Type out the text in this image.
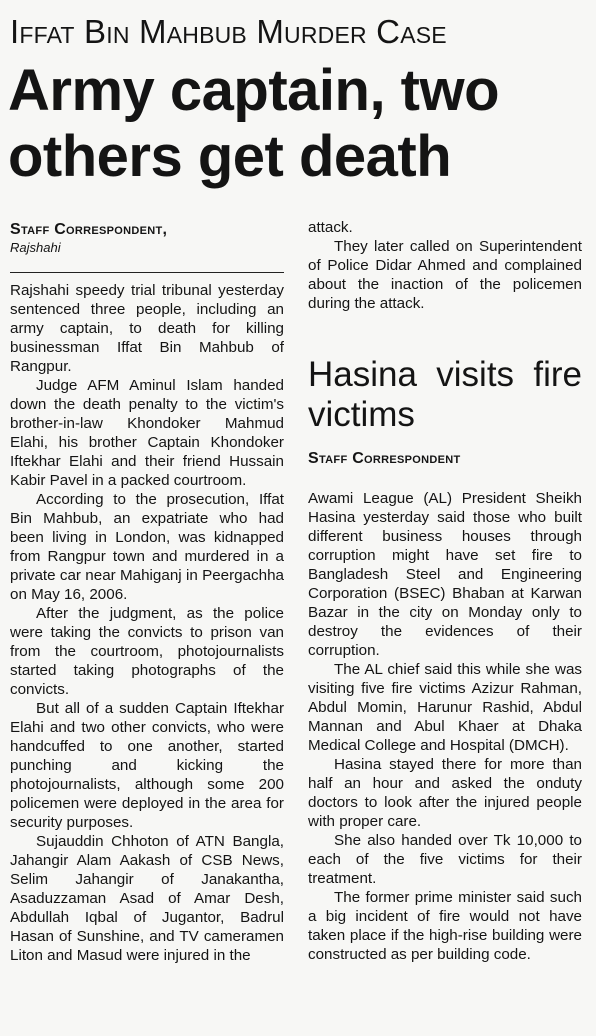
Iffat Bin Mahbub Murder Case
Army captain, two others get death
Staff Correspondent,
Rajshahi

Rajshahi speedy trial tribunal yesterday sentenced three people, including an army captain, to death for killing businessman Iffat Bin Mahbub of Rangpur.

Judge AFM Aminul Islam handed down the death penalty to the victim's brother-in-law Khondoker Mahmud Elahi, his brother Captain Khondoker Iftekhar Elahi and their friend Hussain Kabir Pavel in a packed courtroom.

According to the prosecution, Iffat Bin Mahbub, an expatriate who had been living in London, was kidnapped from Rangpur town and murdered in a private car near Mahiganj in Peergachha on May 16, 2006.

After the judgment, as the police were taking the convicts to prison van from the courtroom, photojournalists started taking photographs of the convicts.

But all of a sudden Captain Iftekhar Elahi and two other convicts, who were handcuffed to one another, started punching and kicking the photojournalists, although some 200 policemen were deployed in the area for security purposes.

Sujauddin Chhoton of ATN Bangla, Jahangir Alam Aakash of CSB News, Selim Jahangir of Janakantha, Asaduzzaman Asad of Amar Desh, Abdullah Iqbal of Jugantor, Badrul Hasan of Sunshine, and TV cameramen Liton and Masud were injured in the

attack.

They later called on Superintendent of Police Didar Ahmed and complained about the inaction of the policemen during the attack.

Hasina visits fire victims
Staff Correspondent

Awami League (AL) President Sheikh Hasina yesterday said those who built different business houses through corruption might have set fire to Bangladesh Steel and Engineering Corporation (BSEC) Bhaban at Karwan Bazar in the city on Monday only to destroy the evidences of their corruption.

The AL chief said this while she was visiting five fire victims Azizur Rahman, Abdul Momin, Harunur Rashid, Abdul Mannan and Abul Khaer at Dhaka Medical College and Hospital (DMCH).

Hasina stayed there for more than half an hour and asked the onduty doctors to look after the injured people with proper care.

She also handed over Tk 10,000 to each of the five victims for their treatment.

The former prime minister said such a big incident of fire would not have taken place if the high-rise building were constructed as per building code.
